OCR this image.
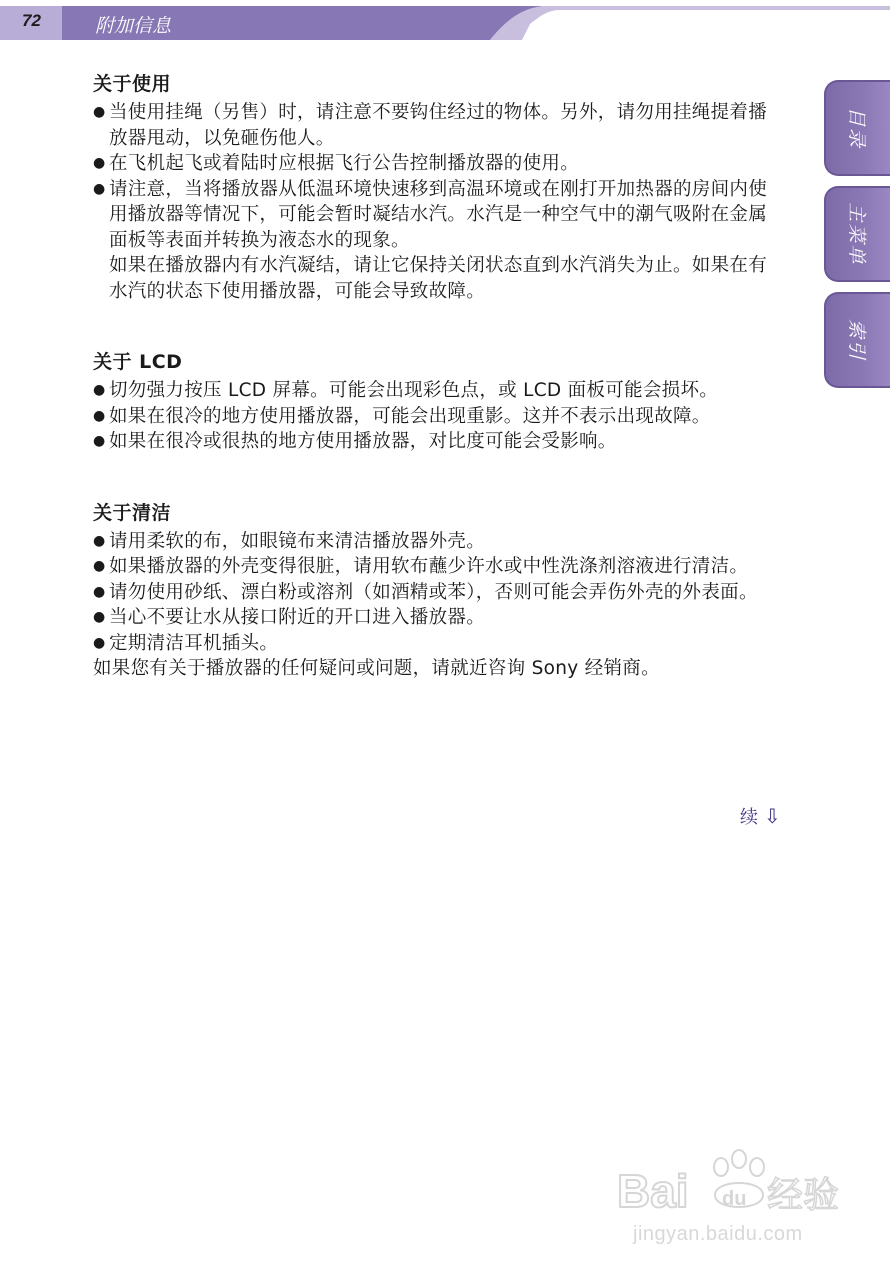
72	附加信息
目录
主菜单
索引
关于使用
● 当使用挂绳（另售）时，请注意不要钩住经过的物体。另外，请勿用挂绳提着播放器甩动，以免砸伤他人。
● 在飞机起飞或着陆时应根据飞行公告控制播放器的使用。
● 请注意，当将播放器从低温环境快速移到高温环境或在刚打开加热器的房间内使用播放器等情况下，可能会暂时凝结水汽。水汽是一种空气中的潮气吸附在金属面板等表面并转换为液态水的现象。
如果在播放器内有水汽凝结，请让它保持关闭状态直到水汽消失为止。如果在有水汽的状态下使用播放器，可能会导致故障。
关于 LCD
● 切勿强力按压 LCD 屏幕。可能会出现彩色点，或 LCD 面板可能会损坏。
● 如果在很冷的地方使用播放器，可能会出现重影。这并不表示出现故障。
● 如果在很冷或很热的地方使用播放器，对比度可能会受影响。
关于清洁
● 请用柔软的布，如眼镜布来清洁播放器外壳。
● 如果播放器的外壳变得很脏，请用软布蘸少许水或中性洗涤剂溶液进行清洁。
● 请勿使用砂纸、漂白粉或溶剂（如酒精或苯），否则可能会弄伤外壳的外表面。
● 当心不要让水从接口附近的开口进入播放器。
● 定期清洁耳机插头。
如果您有关于播放器的任何疑问或问题，请就近咨询 Sony 经销商。
续 ⇩
Bai du 经验
jingyan.baidu.com
